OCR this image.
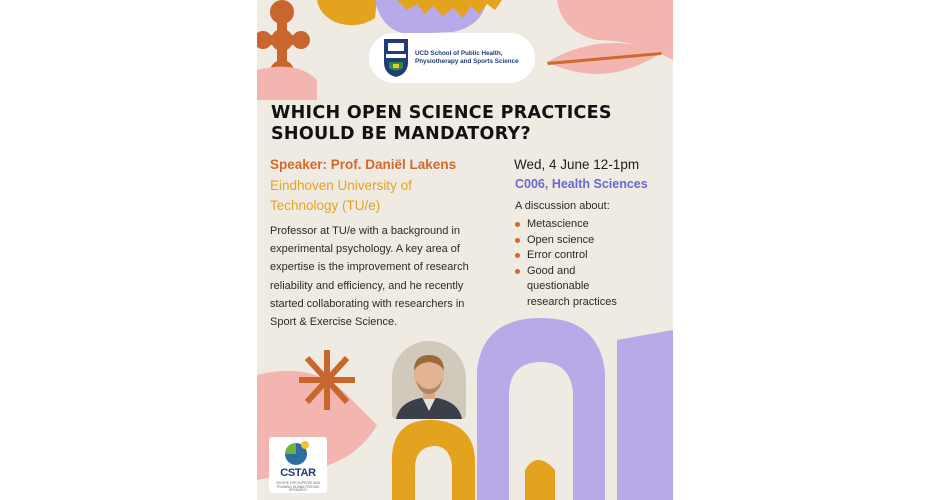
UCD School of Public Health,
Physiotherapy and Sports Science
WHICH OPEN SCIENCE PRACTICES
SHOULD BE MANDATORY?
Speaker: Prof. Daniël Lakens
Eindhoven University of
Technology (TU/e)
Professor at TU/e with a background in
experimental psychology. A key area of
expertise is the improvement of research
reliability and efficiency, and he recently
started collaborating with researchers in
Sport & Exercise Science.
Wed, 4 June 12-1pm
C006, Health Sciences
A discussion about:
Metascience
Open science
Error control
Good and
questionable
research practices
CSTAR
CENTRE FOR SUPPORT AND TRAINING IN ANALYSIS AND RESEARCH
